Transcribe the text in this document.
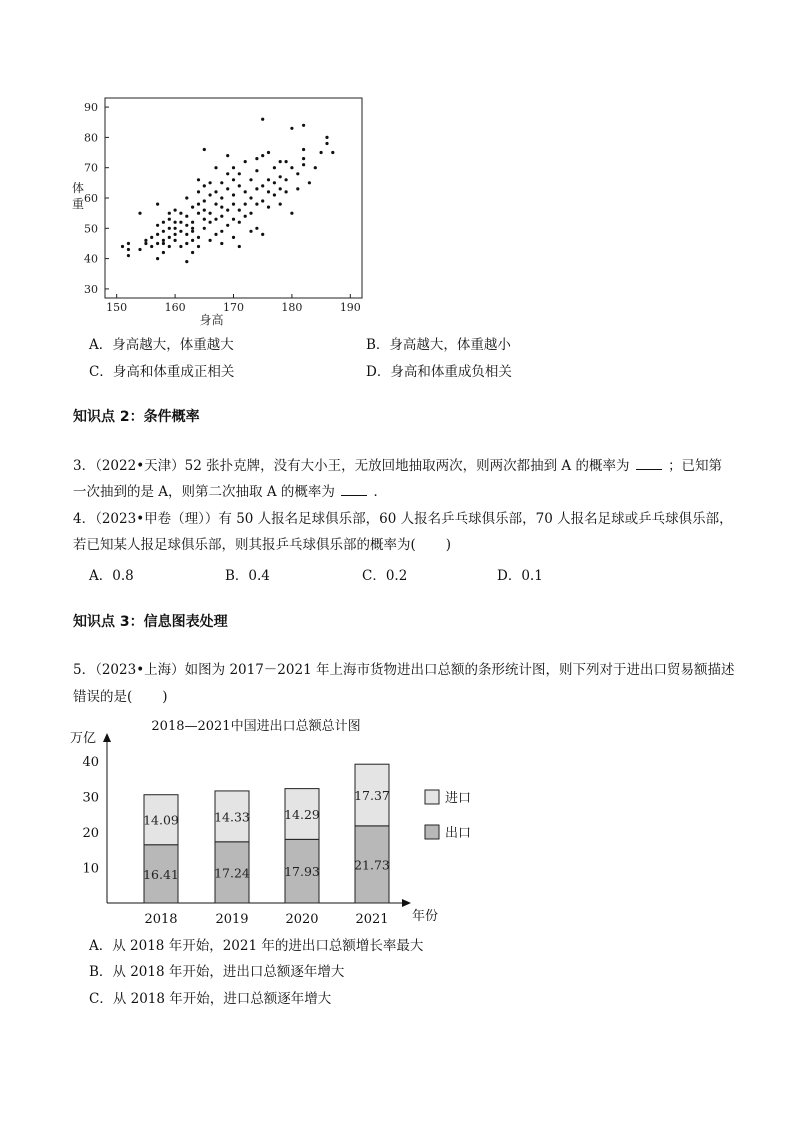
90
80
70
60
50
40
30
150	160	170	180	190
身高
体
重
A．身高越大，体重越大	B．身高越大，体重越小
C．身高和体重成正相关	D．身高和体重成负相关
知识点 2：条件概率
3．（2022•天津）52 张扑克牌，没有大小王，无放回地抽取两次，则两次都抽到 A 的概率为	；已知第
一次抽到的是 A，则第二次抽取 A 的概率为	．
4．（2023•甲卷（理））有 50 人报名足球俱乐部，60 人报名乒乓球俱乐部，70 人报名足球或乒乓球俱乐部，
若已知某人报足球俱乐部，则其报乒乓球俱乐部的概率为( )
A．0.8	B．0.4	C．0.2	D．0.1
知识点 3：信息图表处理
5．（2023•上海）如图为 2017－2021 年上海市货物进出口总额的条形统计图，则下列对于进出口贸易额描述
错误的是( )
2018—2021中国进出口总额总计图
万亿
年份
10
20
30
40
16.41
14.09
2018
17.24
14.33
2019
17.93
14.29
2020
21.73
17.37
2021
进口
出口
A．从 2018 年开始，2021 年的进出口总额增长率最大
B．从 2018 年开始，进出口总额逐年增大
C．从 2018 年开始，进口总额逐年增大
